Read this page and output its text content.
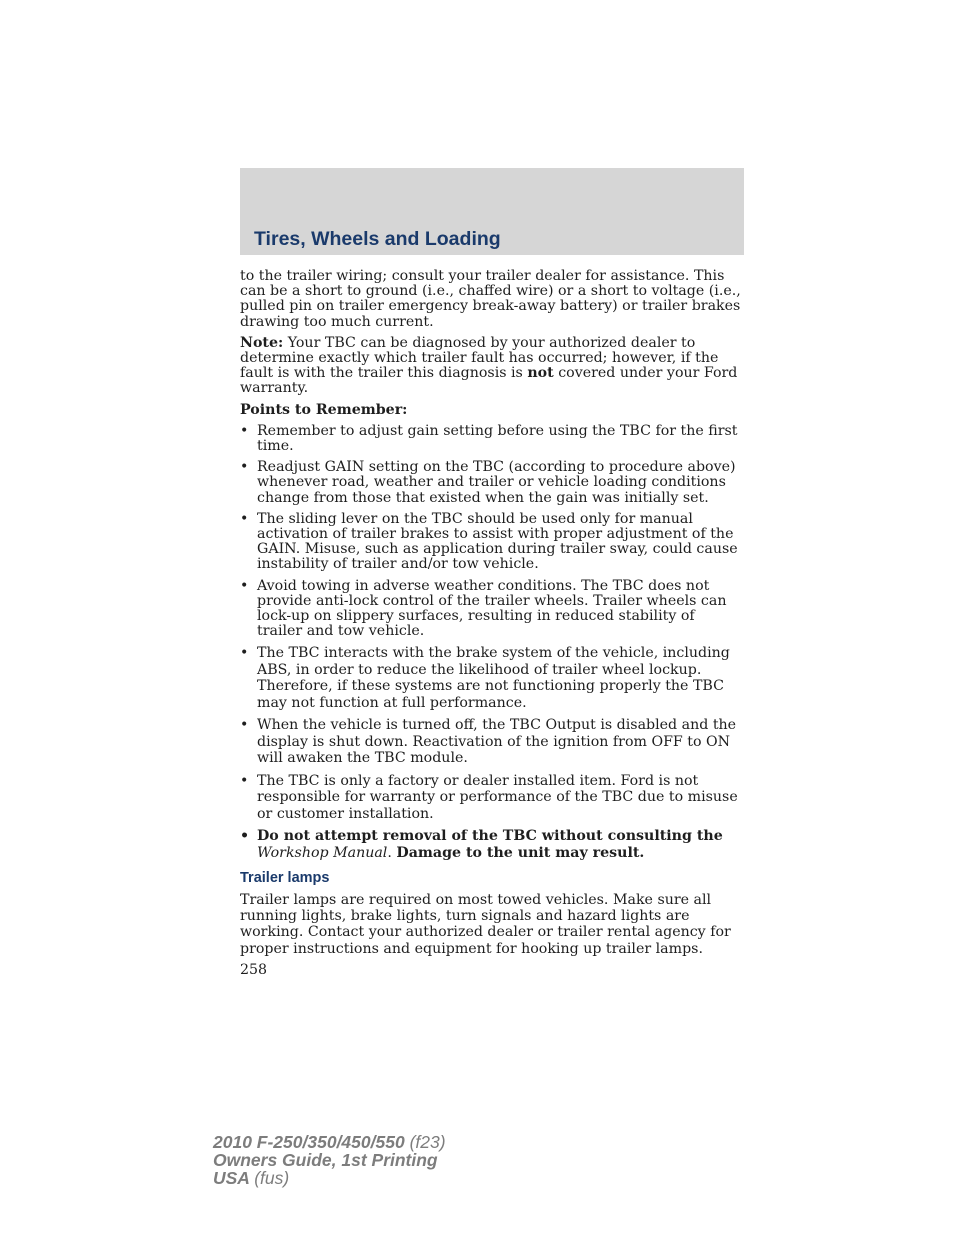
Tires, Wheels and Loading

to the trailer wiring; consult your trailer dealer for assistance. This can be a short to ground (i.e., chaffed wire) or a short to voltage (i.e., pulled pin on trailer emergency break-away battery) or trailer brakes drawing too much current.

Note: Your TBC can be diagnosed by your authorized dealer to determine exactly which trailer fault has occurred; however, if the fault is with the trailer this diagnosis is not covered under your Ford warranty.

Points to Remember:

• Remember to adjust gain setting before using the TBC for the first time.
• Readjust GAIN setting on the TBC (according to procedure above) whenever road, weather and trailer or vehicle loading conditions change from those that existed when the gain was initially set.
• The sliding lever on the TBC should be used only for manual activation of trailer brakes to assist with proper adjustment of the GAIN. Misuse, such as application during trailer sway, could cause instability of trailer and/or tow vehicle.
• Avoid towing in adverse weather conditions. The TBC does not provide anti-lock control of the trailer wheels. Trailer wheels can lock-up on slippery surfaces, resulting in reduced stability of trailer and tow vehicle.
• The TBC interacts with the brake system of the vehicle, including ABS, in order to reduce the likelihood of trailer wheel lockup. Therefore, if these systems are not functioning properly the TBC may not function at full performance.
• When the vehicle is turned off, the TBC Output is disabled and the display is shut down. Reactivation of the ignition from OFF to ON will awaken the TBC module.
• The TBC is only a factory or dealer installed item. Ford is not responsible for warranty or performance of the TBC due to misuse or customer installation.
• Do not attempt removal of the TBC without consulting the Workshop Manual. Damage to the unit may result.
Trailer lamps

Trailer lamps are required on most towed vehicles. Make sure all running lights, brake lights, turn signals and hazard lights are working. Contact your authorized dealer or trailer rental agency for proper instructions and equipment for hooking up trailer lamps.

258
2010 F-250/350/450/550 (f23)
Owners Guide, 1st Printing
USA (fus)
